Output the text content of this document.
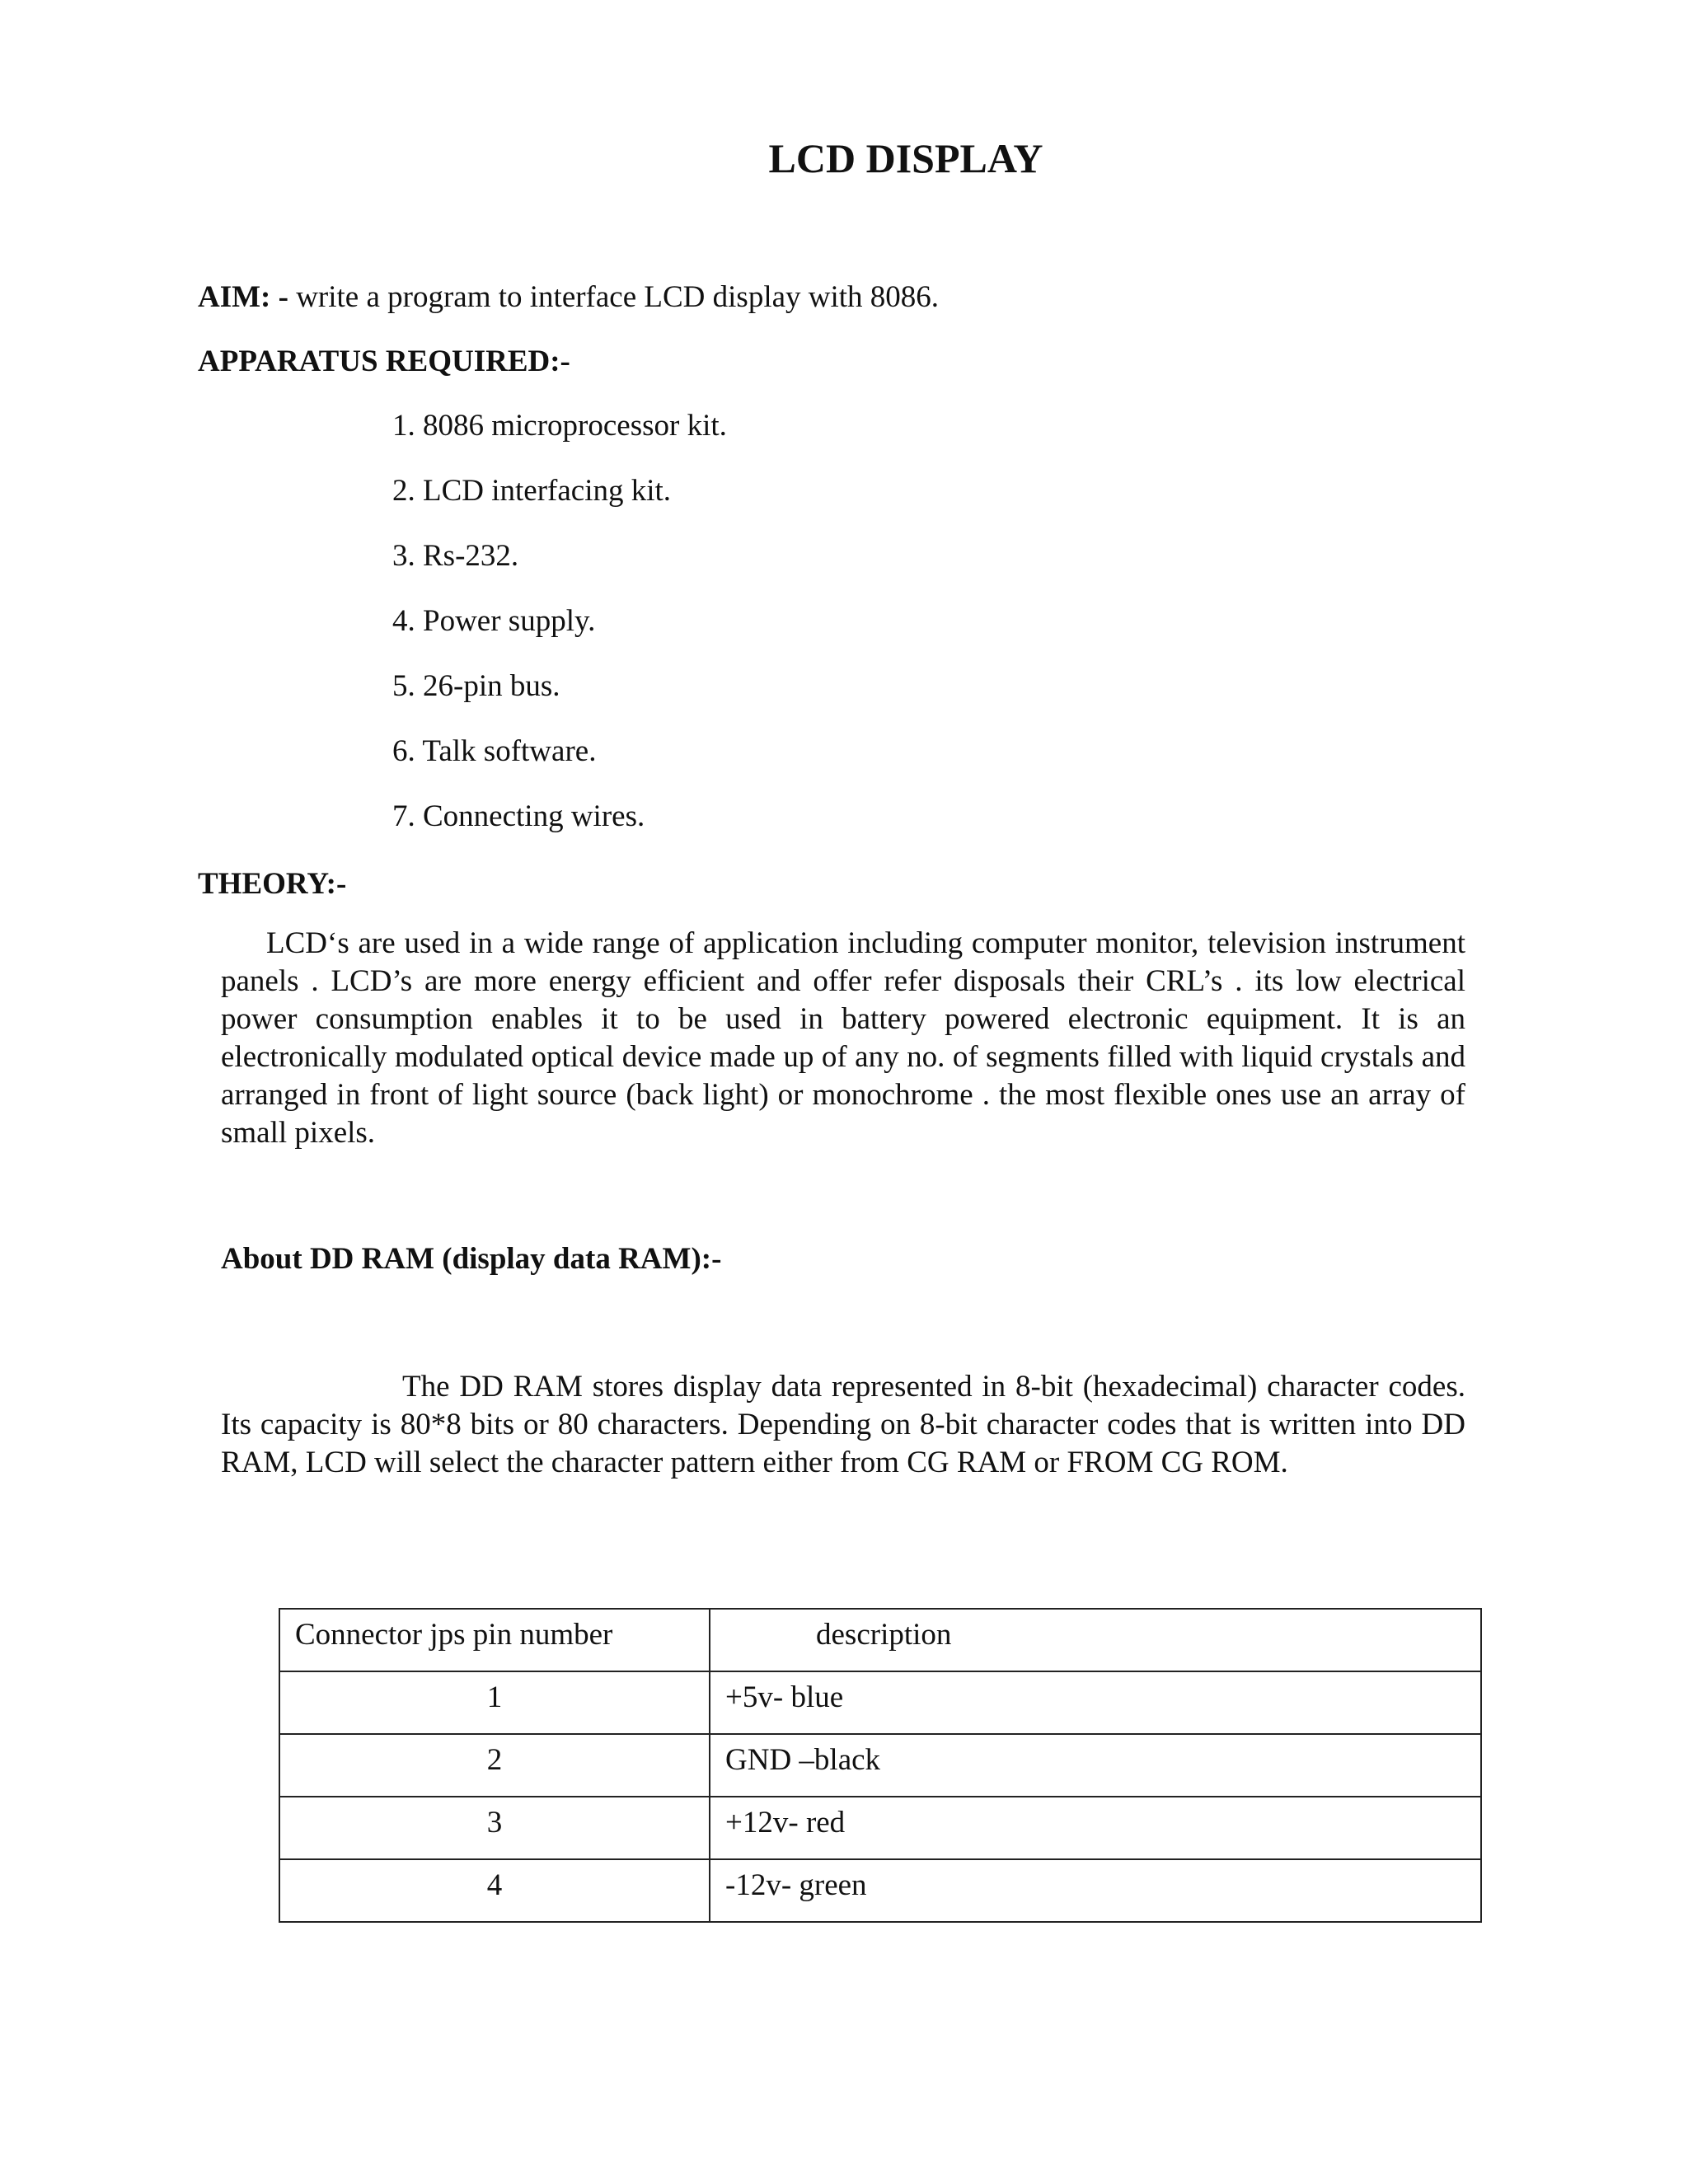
LCD DISPLAY
AIM: - write a program to interface LCD display with 8086.
APPARATUS REQUIRED:-
1. 8086 microprocessor kit.
2. LCD interfacing kit.
3. Rs-232.
4. Power supply.
5. 26-pin bus.
6. Talk software.
7. Connecting wires.
THEORY:-

LCD‘s are used in a wide range of application including computer monitor, television instrument panels . LCD’s are more energy efficient and offer refer disposals their CRL’s . its low electrical power consumption enables it to be used in battery powered electronic equipment. It is an electronically modulated optical device made up of any no. of segments filled with liquid crystals and arranged in front of light source (back light) or monochrome . the most flexible ones use an array of small pixels.

About DD RAM (display data RAM):-

The DD RAM stores display data represented in 8-bit (hexadecimal) character codes. Its capacity is 80*8 bits or 80 characters. Depending on 8-bit character codes that is written into DD RAM, LCD will select the character pattern either from CG RAM or FROM CG ROM.

Connector jps pin number	description
1	+5v- blue
2	GND –black
3	+12v- red
4	-12v- green
